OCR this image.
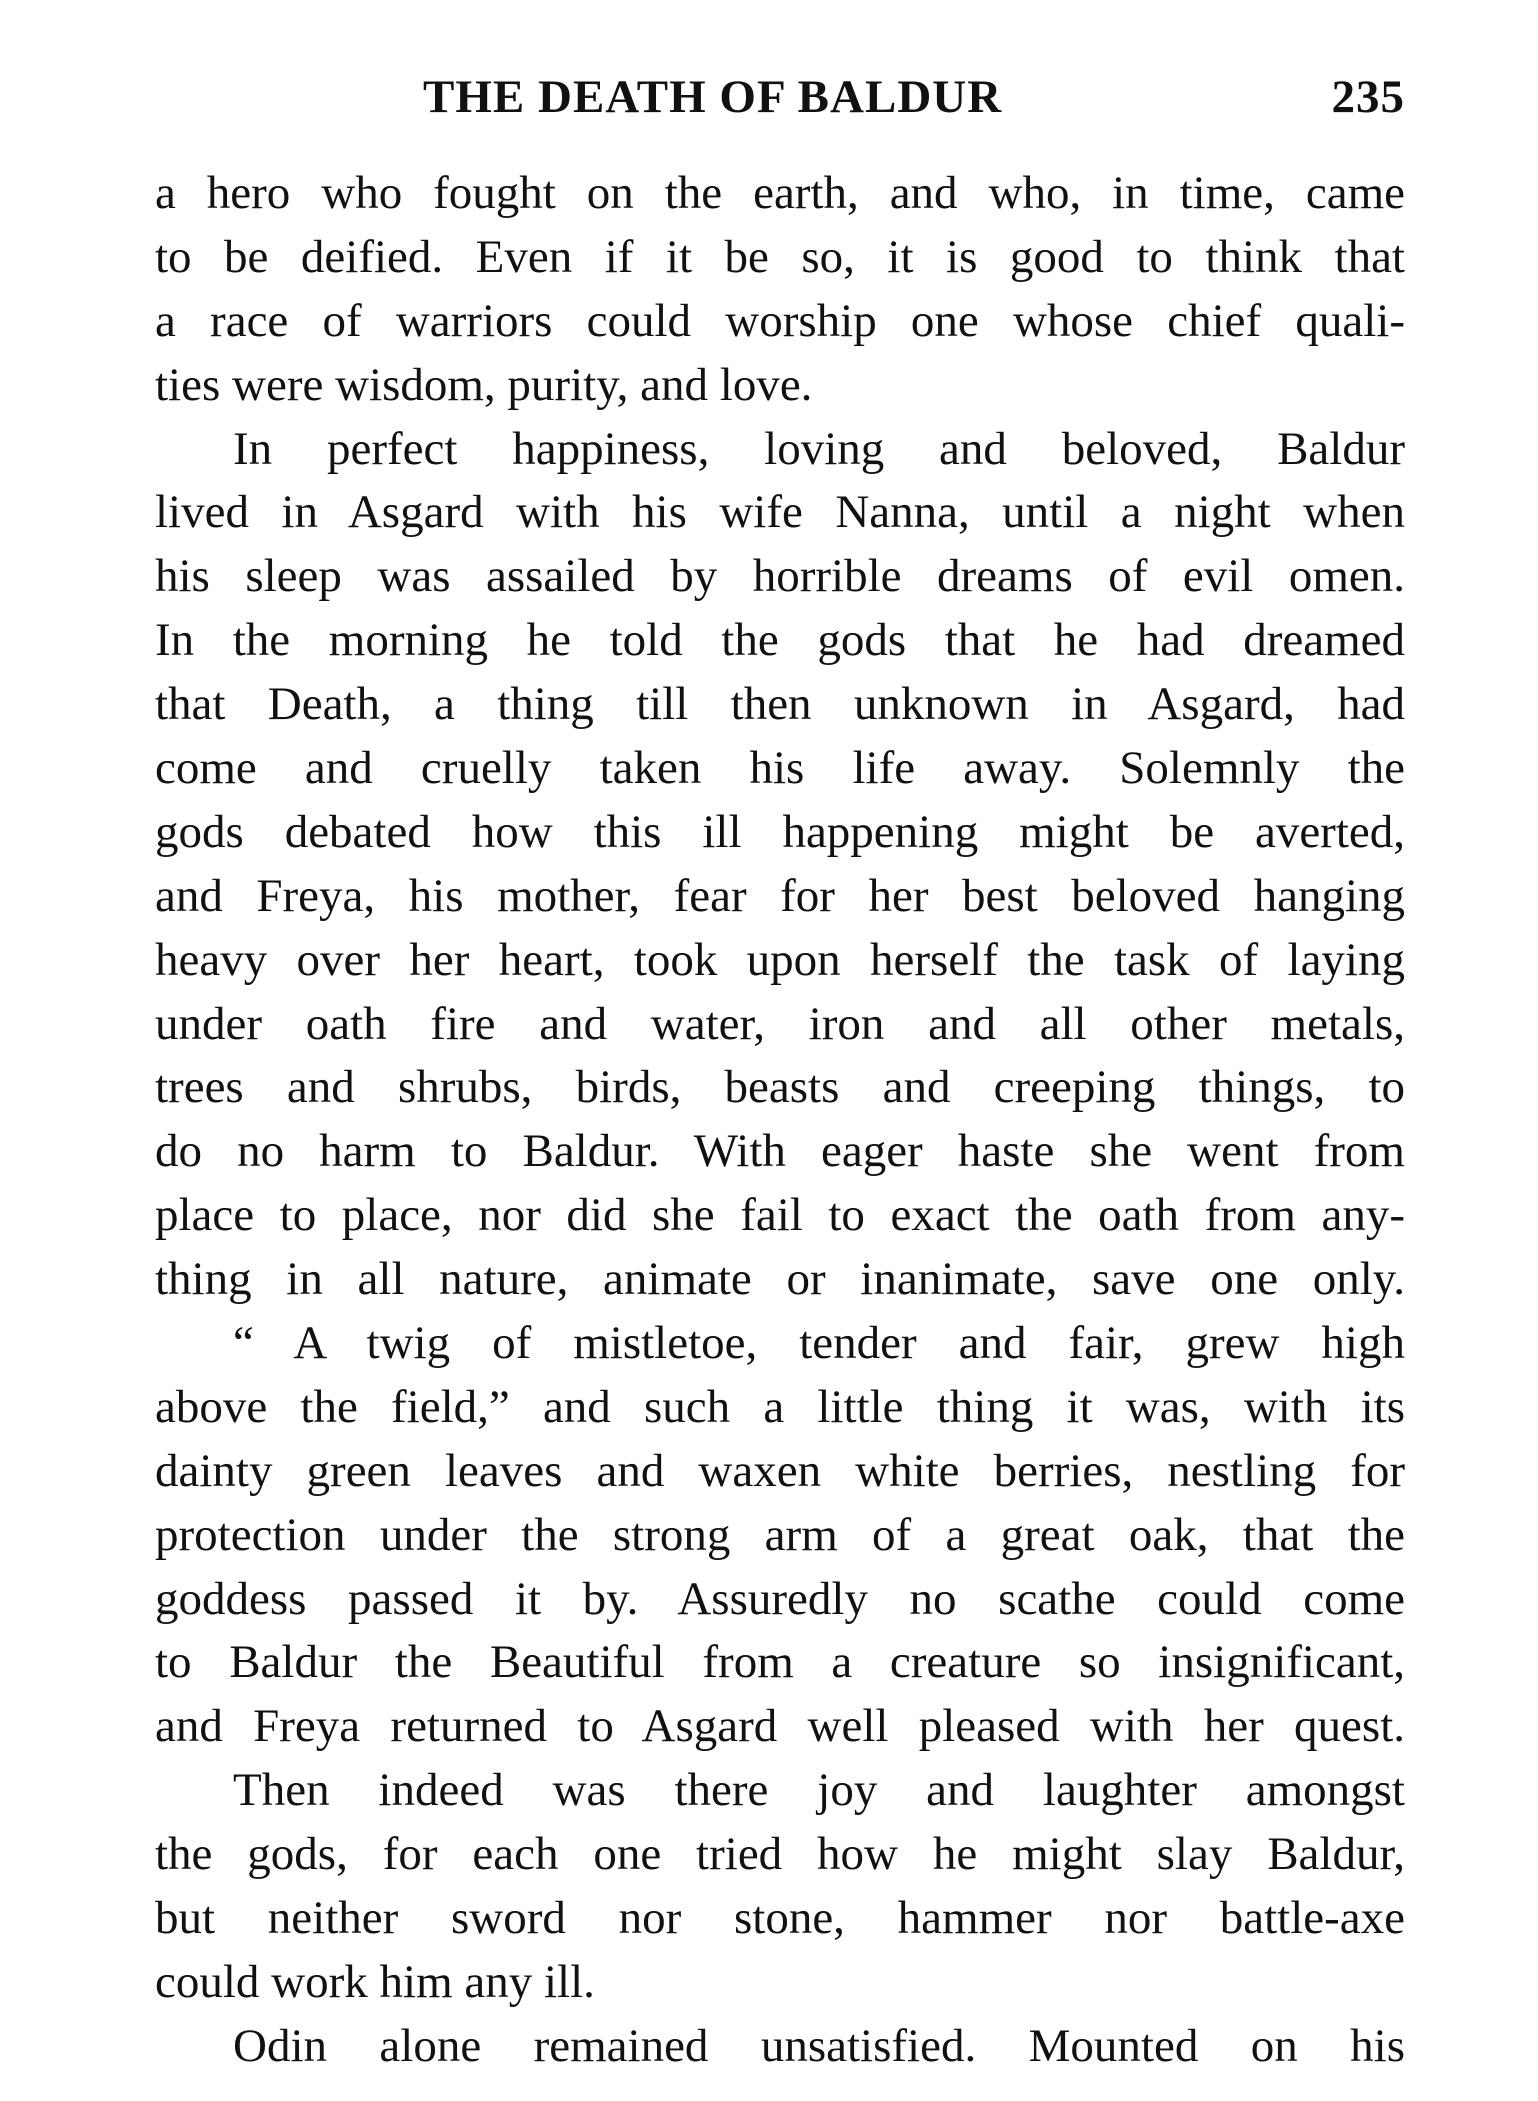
THE DEATH OF BALDUR	235
a hero who fought on the earth, and who, in time, came
to be deified. Even if it be so, it is good to think that
a race of warriors could worship one whose chief quali-
ties were wisdom, purity, and love.
In perfect happiness, loving and beloved, Baldur
lived in Asgard with his wife Nanna, until a night when
his sleep was assailed by horrible dreams of evil omen.
In the morning he told the gods that he had dreamed
that Death, a thing till then unknown in Asgard, had
come and cruelly taken his life away. Solemnly the
gods debated how this ill happening might be averted,
and Freya, his mother, fear for her best beloved hanging
heavy over her heart, took upon herself the task of laying
under oath fire and water, iron and all other metals,
trees and shrubs, birds, beasts and creeping things, to
do no harm to Baldur. With eager haste she went from
place to place, nor did she fail to exact the oath from any-
thing in all nature, animate or inanimate, save one only.
“ A twig of mistletoe, tender and fair, grew high
above the field,” and such a little thing it was, with its
dainty green leaves and waxen white berries, nestling for
protection under the strong arm of a great oak, that the
goddess passed it by. Assuredly no scathe could come
to Baldur the Beautiful from a creature so insignificant,
and Freya returned to Asgard well pleased with her quest.
Then indeed was there joy and laughter amongst
the gods, for each one tried how he might slay Baldur,
but neither sword nor stone, hammer nor battle-axe
could work him any ill.
Odin alone remained unsatisfied. Mounted on his
